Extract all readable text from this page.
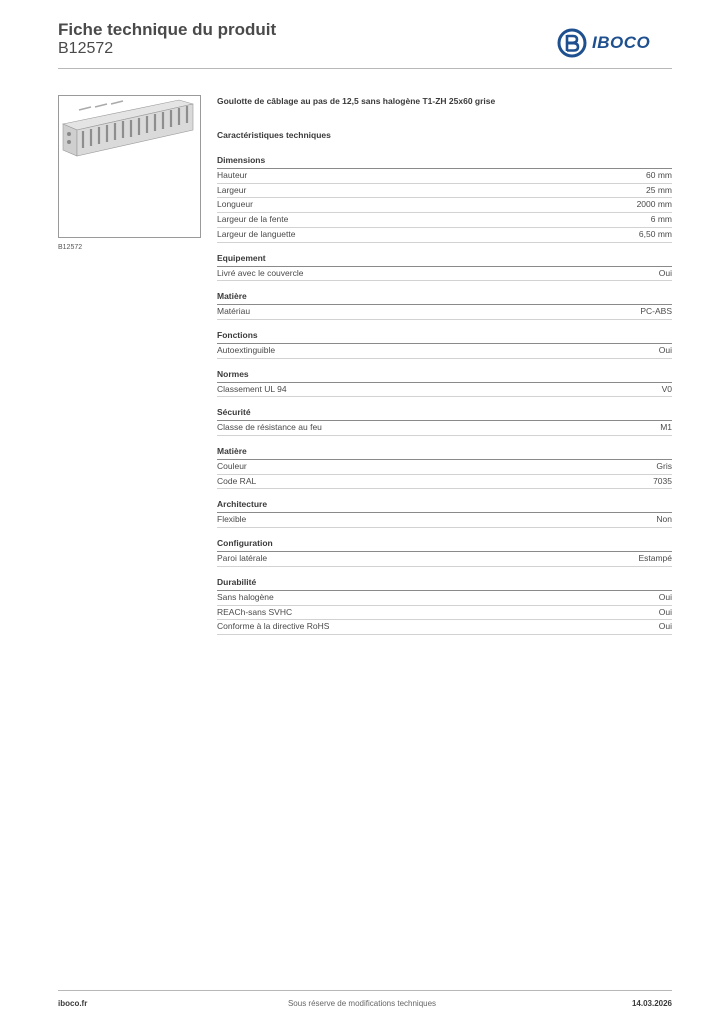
Fiche technique du produit
B12572	IBOCO
B12572
Goulotte de câblage au pas de 12,5 sans halogène T1-ZH 25x60 grise
Caractéristiques techniques
Dimensions
Hauteur	60 mm
Largeur	25 mm
Longueur	2000 mm
Largeur de la fente	6 mm
Largeur de languette	6,50 mm
Equipement
Livré avec le couvercle	Oui
Matière
Matériau	PC-ABS
Fonctions
Autoextinguible	Oui
Normes
Classement UL 94	V0
Sécurité
Classe de résistance au feu	M1
Matière
Couleur	Gris
Code RAL	7035
Architecture
Flexible	Non
Configuration
Paroi latérale	Estampé
Durabilité
Sans halogène	Oui
REACh-sans SVHC	Oui
Conforme à la directive RoHS	Oui
iboco.fr	Sous réserve de modifications techniques	14.03.2026
